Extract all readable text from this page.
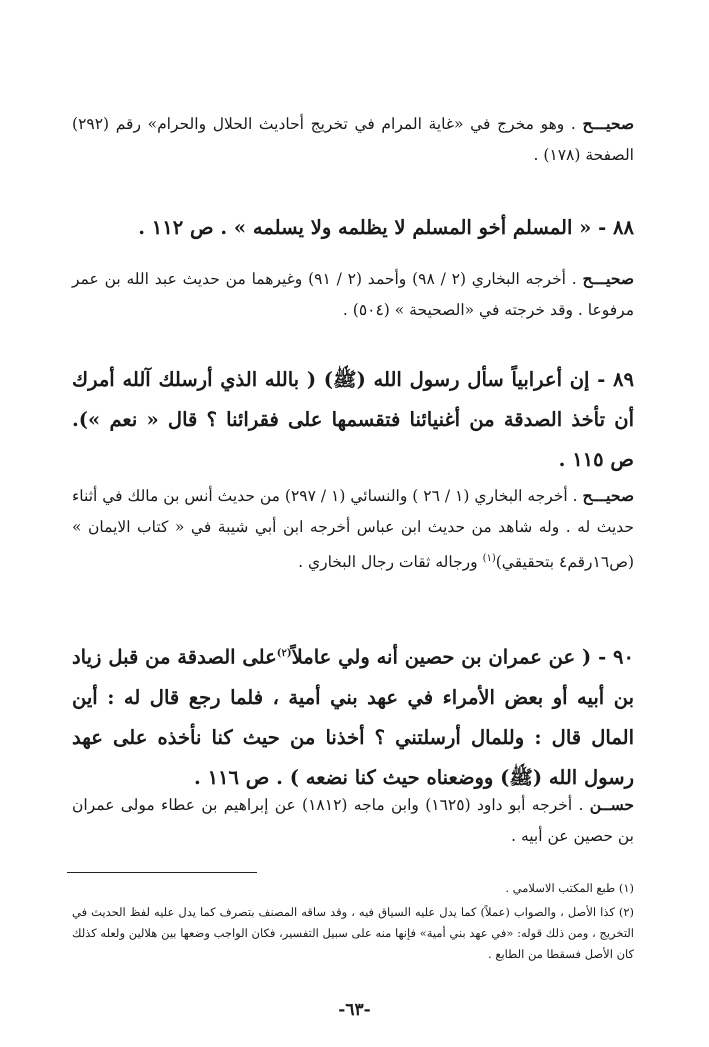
صحيـــح . وهو مخرج في «غاية المرام في تخريج أحاديث الحلال والحرام» رقم (٢٩٢) الصفحة (١٧٨) .

٨٨ - « المسلم أخو المسلم لا يظلمه ولا يسلمه » . ص ١١٢ .

صحيـــح . أخرجه البخاري (٢ / ٩٨) وأحمد (٢ / ٩١) وغيرهما من حديث عبد الله بن عمر مرفوعا . وقد خرجته في «الصحيحة » (٥٠٤) .

٨٩ - إن أعرابياً سأل رسول الله (ﷺ) ( بالله الذي أرسلك آلله أمرك أن تأخذ الصدقة من أغنيائنا فتقسمها على فقرائنا ؟ قال « نعم »). ص ١١٥ .

صحيـــح . أخرجه البخاري (١ / ٢٦ ) والنسائي (١ / ٢٩٧) من حديث أنس بن مالك في أثناء حديث له . وله شاهد من حديث ابن عباس أخرجه ابن أبي شيبة في « كتاب الايمان » (ص١٦رقم٤ بتحقيقي)$^{(١)}$ ورجاله ثقات رجال البخاري .

٩٠ - ( عن عمران بن حصين أنه ولي عاملاً$^{(٢)}$على الصدقة من قبل زياد بن أبيه أو بعض الأمراء في عهد بني أمية ، فلما رجع قال له : أين المال قال : وللمال أرسلتني ؟ أخذنا من حيث كنا نأخذه على عهد رسول الله (ﷺ) ووضعناه حيث كنا نضعه ) . ص ١١٦ .

حســن . أخرجه أبو داود (١٦٢٥) وابن ماجه (١٨١٢) عن إبراهيم بن عطاء مولى عمران بن حصين عن أبيه .

(١) طبع المكتب الاسلامي .

(٢) كذا الأصل ، والصواب (عملاً) كما يدل عليه السياق فيه ، وقد ساقه المصنف بتصرف كما يدل عليه لفظ الحديث في التخريج ، ومن ذلك قوله: «في عهد بني أمية» فإنها منه على سبيل التفسير، فكان الواجب وضعها بين هلالين ولعله كذلك كان الأصل فسقطا من الطابع .

-٦٣-
